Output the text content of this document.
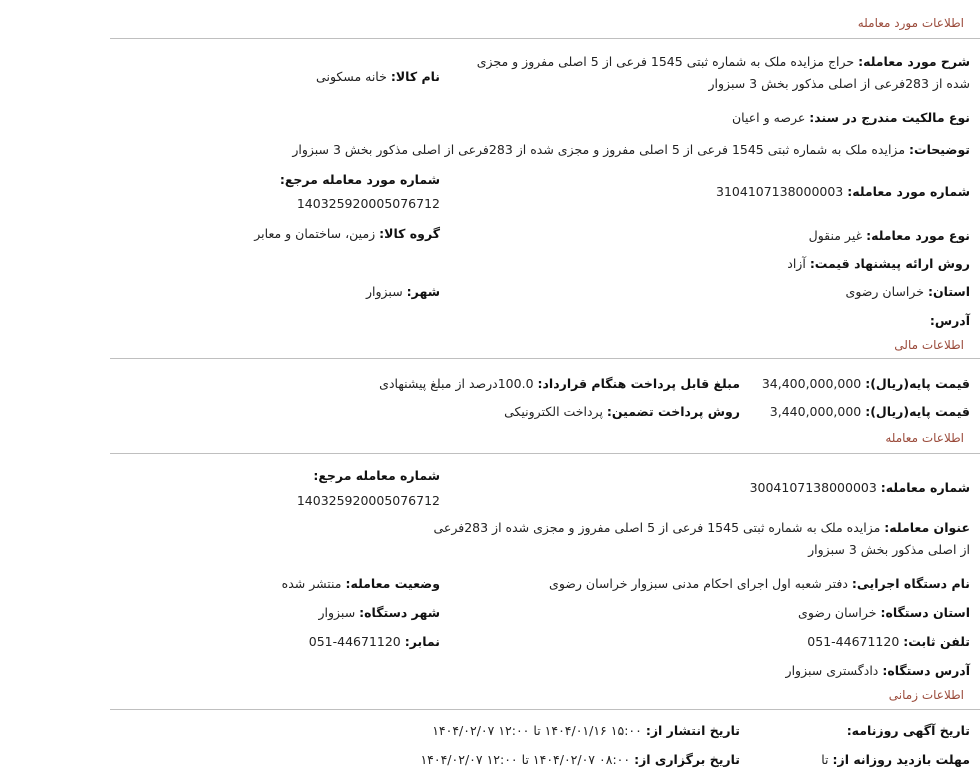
اطلاعات مورد معامله
شرح مورد معامله: حراج مزایده ملک به شماره ثبتی 1545 فرعی از 5 اصلی مفروز و مجزی شده از 283فرعی از اصلی مذکور بخش 3 سبزوار
نام کالا: خانه مسکونی
نوع مالکیت مندرج در سند: عرصه و اعیان
توضیحات: مزایده ملک به شماره ثبتی 1545 فرعی از 5 اصلی مفروز و مجزی شده از 283فرعی از اصلی مذکور بخش 3 سبزوار
شماره مورد معامله مرجع:
140325920005076712
شماره مورد معامله: 3104107138000003
گروه کالا: زمین، ساختمان و معابر	نوع مورد معامله: غیر منقول
روش ارائه پیشنهاد قیمت: آزاد
شهر: سبزوار	استان: خراسان رضوی
آدرس:
اطلاعات مالی
قیمت پایه(ریال): 34,400,000,000
مبلغ قابل پرداخت هنگام قرارداد: 100.0درصد از مبلغ پیشنهادی
قیمت پایه(ریال): 3,440,000,000
روش پرداخت تضمین: پرداخت الکترونیکی
اطلاعات معامله
شماره معامله مرجع:
140325920005076712
شماره معامله: 3004107138000003
عنوان معامله: مزایده ملک به شماره ثبتی 1545 فرعی از 5 اصلی مفروز و مجزی شده از 283فرعی از اصلی مذکور بخش 3 سبزوار
وضعیت معامله: منتشر شده	نام دستگاه اجرایی: دفتر شعبه اول اجرای احکام مدنی سبزوار خراسان رضوی
شهر دستگاه: سبزوار	استان دستگاه: خراسان رضوی
نمابر: 44671120-051	تلفن ثابت: 44671120-051
آدرس دستگاه: دادگستری سبزوار
اطلاعات زمانی
تاریخ آگهی روزنامه:
تاریخ انتشار از: ۱۵:۰۰ ۱۴۰۴/۰۱/۱۶ تا ۱۲:۰۰ ۱۴۰۴/۰۲/۰۷
مهلت بازدید روزانه از: تا
تاریخ برگزاری از: ۰۸:۰۰ ۱۴۰۴/۰۲/۰۷ تا ۱۲:۰۰ ۱۴۰۴/۰۲/۰۷
